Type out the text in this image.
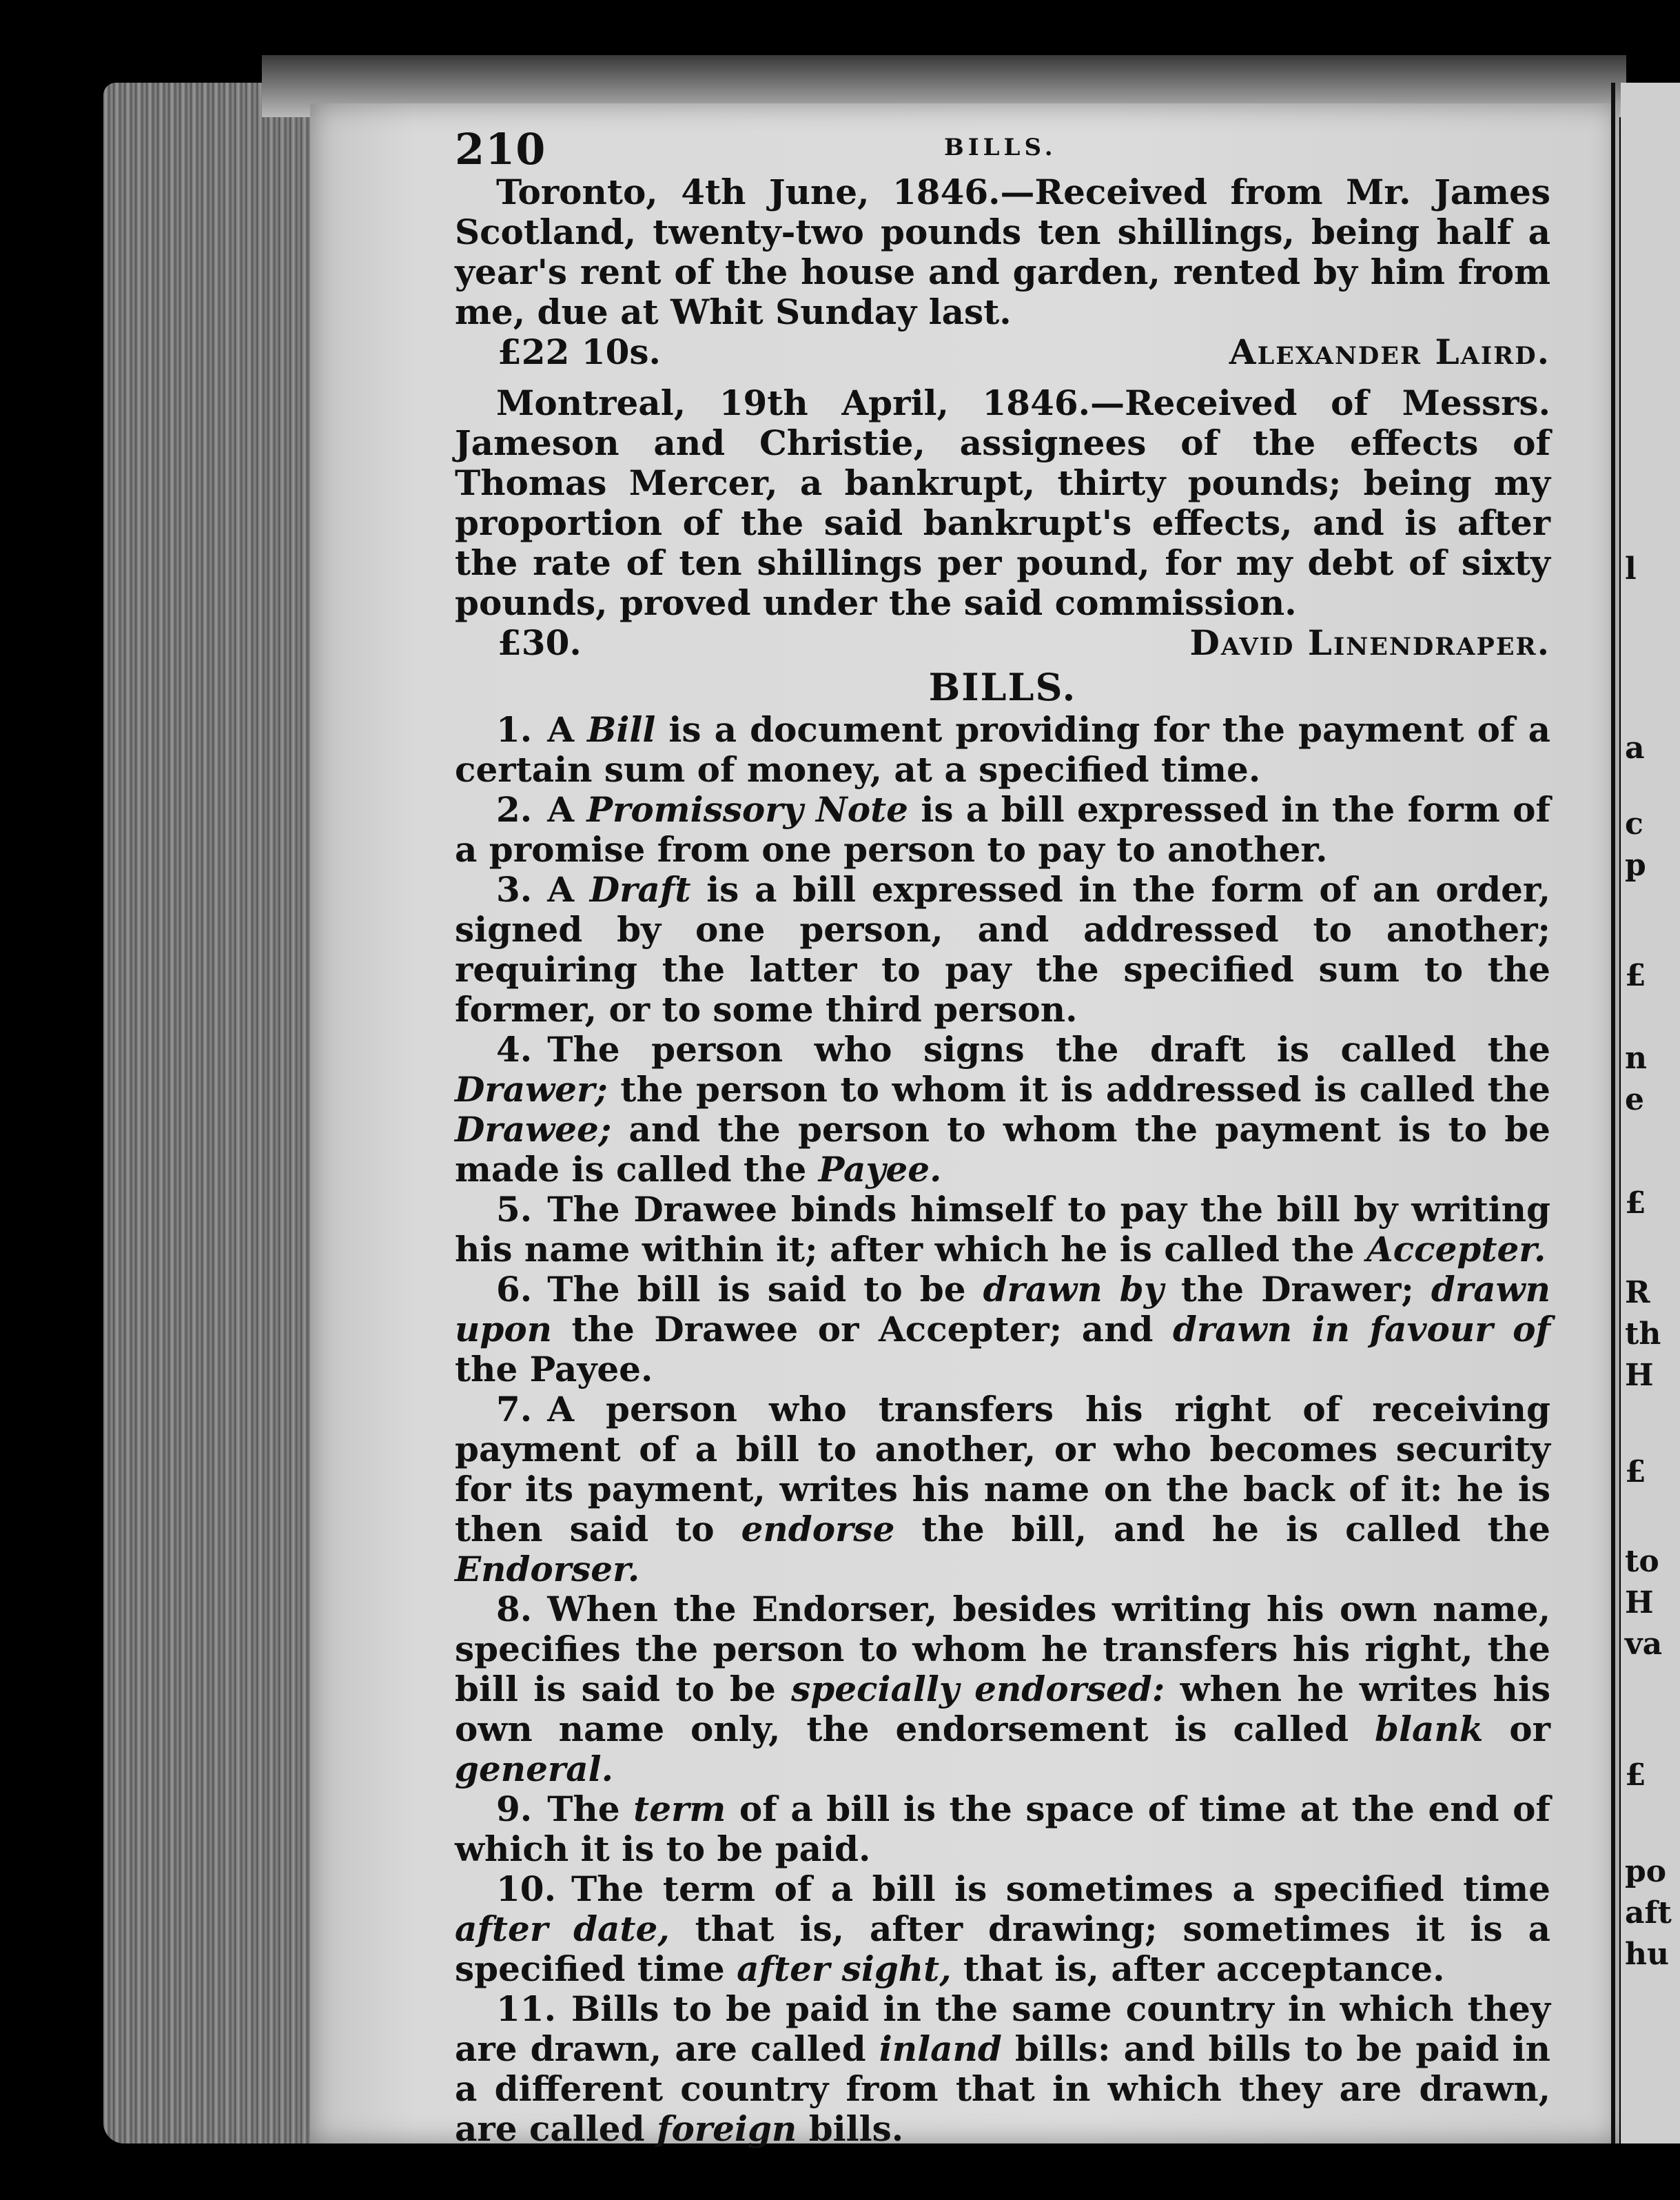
l
a
c
p
£
n
e
£
R
th
H
£
to
H
va
£
po
aft
hu
210	BILLS.

Toronto, 4th June, 1846.—Received from Mr. James Scotland, twenty-two pounds ten shillings, being half a year's rent of the house and garden, rented by him from me, due at Whit Sunday last.

£22 10s.	Alexander Laird.

Montreal, 19th April, 1846.—Received of Messrs. Jameson and Christie, assignees of the effects of Thomas Mercer, a bankrupt, thirty pounds; being my proportion of the said bankrupt's effects, and is after the rate of ten shillings per pound, for my debt of sixty pounds, proved under the said commission.

£30.	David Linendraper.
BILLS.

1. A Bill is a document providing for the payment of a certain sum of money, at a specified time.

2. A Promissory Note is a bill expressed in the form of a promise from one person to pay to another.

3. A Draft is a bill expressed in the form of an order, signed by one person, and addressed to another; requiring the latter to pay the specified sum to the former, or to some third person.

4. The person who signs the draft is called the Drawer; the person to whom it is addressed is called the Drawee; and the person to whom the payment is to be made is called the Payee.

5. The Drawee binds himself to pay the bill by writing his name within it; after which he is called the Accepter.

6. The bill is said to be drawn by the Drawer; drawn upon the Drawee or Accepter; and drawn in favour of the Payee.

7. A person who transfers his right of receiving payment of a bill to another, or who becomes security for its payment, writes his name on the back of it: he is then said to endorse the bill, and he is called the Endorser.

8. When the Endorser, besides writing his own name, specifies the person to whom he transfers his right, the bill is said to be specially endorsed: when he writes his own name only, the endorsement is called blank or general.

9. The term of a bill is the space of time at the end of which it is to be paid.

10. The term of a bill is sometimes a specified time after date, that is, after drawing; sometimes it is a specified time after sight, that is, after acceptance.

11. Bills to be paid in the same country in which they are drawn, are called inland bills: and bills to be paid in a different country from that in which they are drawn, are called foreign bills.
